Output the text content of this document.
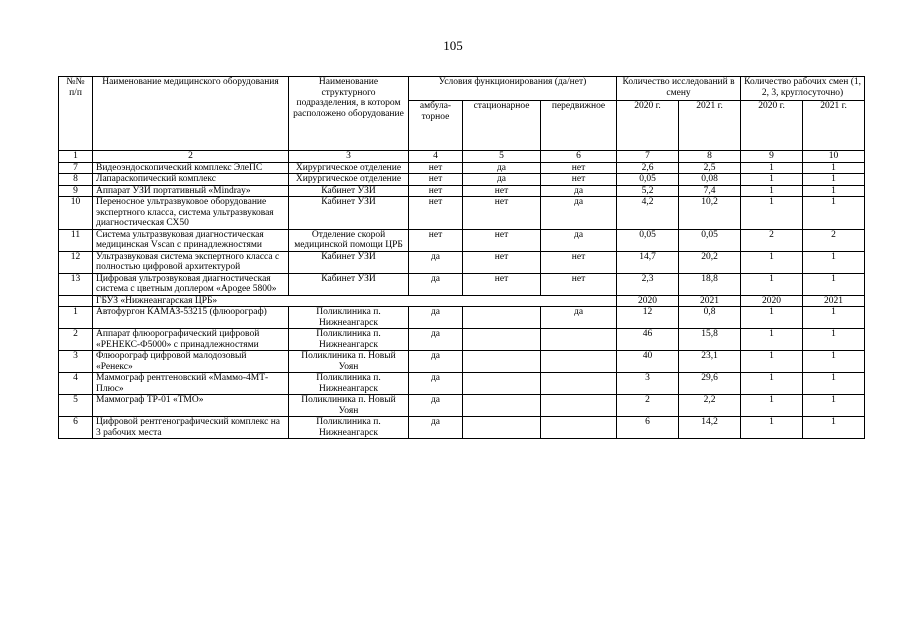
105
№№ п/п	Наименование медицинского оборудования	Наименование структурного подразделения, в котором расположено оборудование	Условия функционирования (да/нет)			Количество исследований в смену		Количество рабочих смен (1, 2, 3, круглосуточно)	
			амбула-торное	стационарное	передвижное	2020 г.	2021 г.	2020 г.	2021 г.
1	2	3	4	5	6	7	8	9	10
7	Видеоэндоскопический комплекс ЭлеПС	Хирургическое отделение	нет	да	нет	2,6	2,5	1	1
8	Лапараскопический комплекс	Хирургическое отделение	нет	да	нет	0,05	0,08	1	1
9	Аппарат УЗИ портативный «Mindray»	Кабинет УЗИ	нет	нет	да	5,2	7,4	1	1
10	Переносное ультразвуковое оборудование экспертного класса, система ультразвуковая диагностическая СХ50	Кабинет УЗИ	нет	нет	да	4,2	10,2	1	1
11	Система ультразвуковая диагностическая медицинская Vscan с принадлежностями	Отделение скорой медицинской помощи ЦРБ	нет	нет	да	0,05	0,05	2	2
12	Ультразвуковая система экспертного класса с полностью цифровой архитектурой	Кабинет УЗИ	да	нет	нет	14,7	20,2	1	1
13	Цифровая ультрозвуковая диагностическая система с цветным доплером «Apogee 5800»	Кабинет УЗИ	да	нет	нет	2,3	18,8	1	1
	ГБУЗ «Нижнеангарская ЦРБ»					2020	2021	2020	2021
1	Автофургон КАМАЗ-53215 (флюорограф)	Поликлиника п. Нижнеангарск	да		да	12	0,8	1	1
2	Аппарат флюорографический цифровой «РЕНЕКС-Ф5000» с принадлежностями	Поликлиника п. Нижнеангарск	да			46	15,8	1	1
3	Флюорограф цифровой малодозовый «Ренекс»	Поликлиника п. Новый Уоян	да			40	23,1	1	1
4	Маммограф рентгеновский «Маммо-4МТ-Плюс»	Поликлиника п. Нижнеангарск	да			3	29,6	1	1
5	Маммограф ТР-01 «ТМО»	Поликлиника п. Новый Уоян	да			2	2,2	1	1
6	Цифровой рентгенографический комплекс на 3 рабочих места	Поликлиника п. Нижнеангарск	да			6	14,2	1	1
